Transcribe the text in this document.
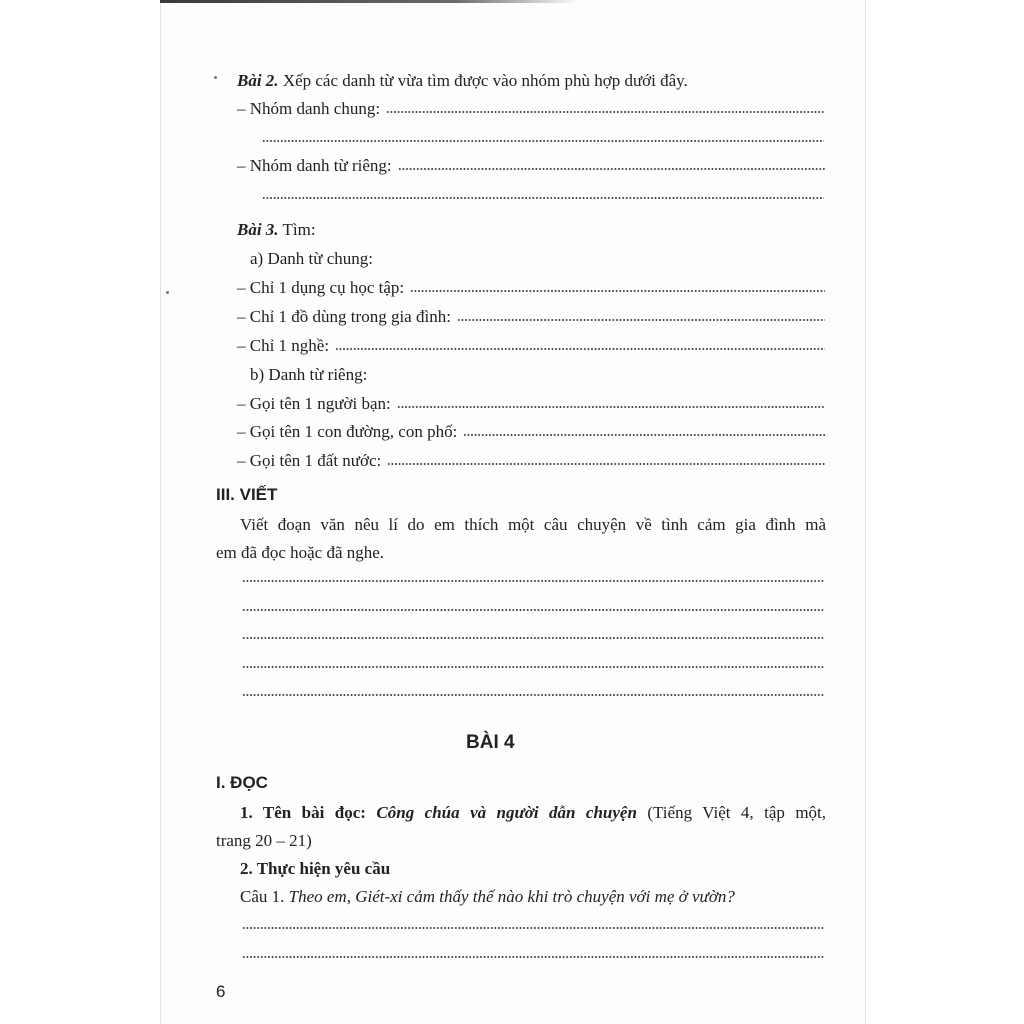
Bài 2. Xếp các danh từ vừa tìm được vào nhóm phù hợp dưới đây.
– Nhóm danh chung:
– Nhóm danh từ riêng:
Bài 3. Tìm:
a) Danh từ chung:
– Chỉ 1 dụng cụ học tập:
– Chỉ 1 đồ dùng trong gia đình:
– Chỉ 1 nghề:
b) Danh từ riêng:
– Gọi tên 1 người bạn:
– Gọi tên 1 con đường, con phố:
– Gọi tên 1 đất nước:
III. VIẾT
Viết đoạn văn nêu lí do em thích một câu chuyện về tình cảm gia đình mà
em đã đọc hoặc đã nghe.
BÀI 4
I. ĐỌC
1. Tên bài đọc: Công chúa và người dẫn chuyện (Tiếng Việt 4, tập một,
trang 20 – 21)
2. Thực hiện yêu cầu
Câu 1. Theo em, Giét-xi cảm thấy thế nào khi trò chuyện với mẹ ở vườn?
6
